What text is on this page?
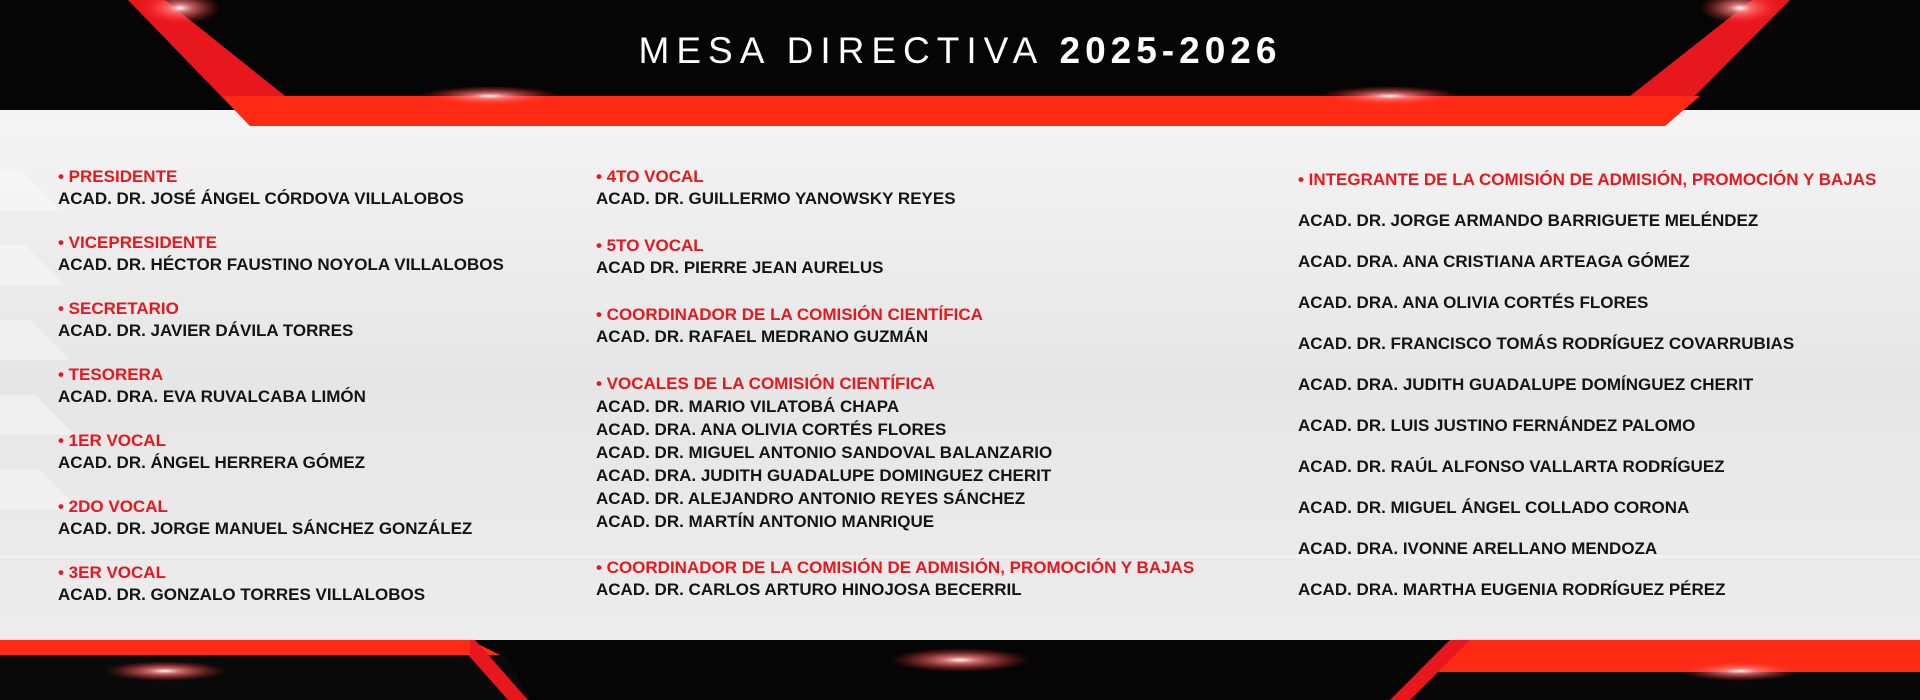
MESA DIRECTIVA 2025-2026
• PRESIDENTE
ACAD. DR. JOSÉ ÁNGEL CÓRDOVA VILLALOBOS
• VICEPRESIDENTE
ACAD. DR. HÉCTOR FAUSTINO NOYOLA VILLALOBOS
• SECRETARIO
ACAD. DR. JAVIER DÁVILA TORRES
• TESORERA
ACAD. DRA. EVA RUVALCABA LIMÓN
• 1ER VOCAL
ACAD. DR. ÁNGEL HERRERA GÓMEZ
• 2DO VOCAL
ACAD. DR. JORGE MANUEL SÁNCHEZ GONZÁLEZ
• 3ER VOCAL
ACAD. DR. GONZALO TORRES VILLALOBOS
• 4TO VOCAL
ACAD. DR. GUILLERMO YANOWSKY REYES
• 5TO VOCAL
ACAD DR. PIERRE JEAN AURELUS
• COORDINADOR DE LA COMISIÓN CIENTÍFICA
ACAD. DR. RAFAEL MEDRANO GUZMÁN
• VOCALES DE LA COMISIÓN CIENTÍFICA
ACAD. DR. MARIO VILATOBÁ CHAPA
ACAD. DRA. ANA OLIVIA CORTÉS FLORES
ACAD. DR. MIGUEL ANTONIO SANDOVAL BALANZARIO
ACAD. DRA. JUDITH GUADALUPE DOMINGUEZ CHERIT
ACAD. DR. ALEJANDRO ANTONIO REYES SÁNCHEZ
ACAD. DR. MARTÍN ANTONIO MANRIQUE
• COORDINADOR DE LA COMISIÓN DE ADMISIÓN, PROMOCIÓN Y BAJAS
ACAD. DR. CARLOS ARTURO HINOJOSA BECERRIL
• INTEGRANTE DE LA COMISIÓN DE ADMISIÓN, PROMOCIÓN Y BAJAS
ACAD. DR. JORGE ARMANDO BARRIGUETE MELÉNDEZ
ACAD. DRA. ANA CRISTIANA ARTEAGA GÓMEZ
ACAD. DRA. ANA OLIVIA CORTÉS FLORES
ACAD. DR. FRANCISCO TOMÁS RODRÍGUEZ COVARRUBIAS
ACAD. DRA. JUDITH GUADALUPE DOMÍNGUEZ CHERIT
ACAD. DR. LUIS JUSTINO FERNÁNDEZ PALOMO
ACAD. DR. RAÚL ALFONSO VALLARTA RODRÍGUEZ
ACAD. DR. MIGUEL ÁNGEL COLLADO CORONA
ACAD. DRA. IVONNE ARELLANO MENDOZA
ACAD. DRA. MARTHA EUGENIA RODRÍGUEZ PÉREZ
